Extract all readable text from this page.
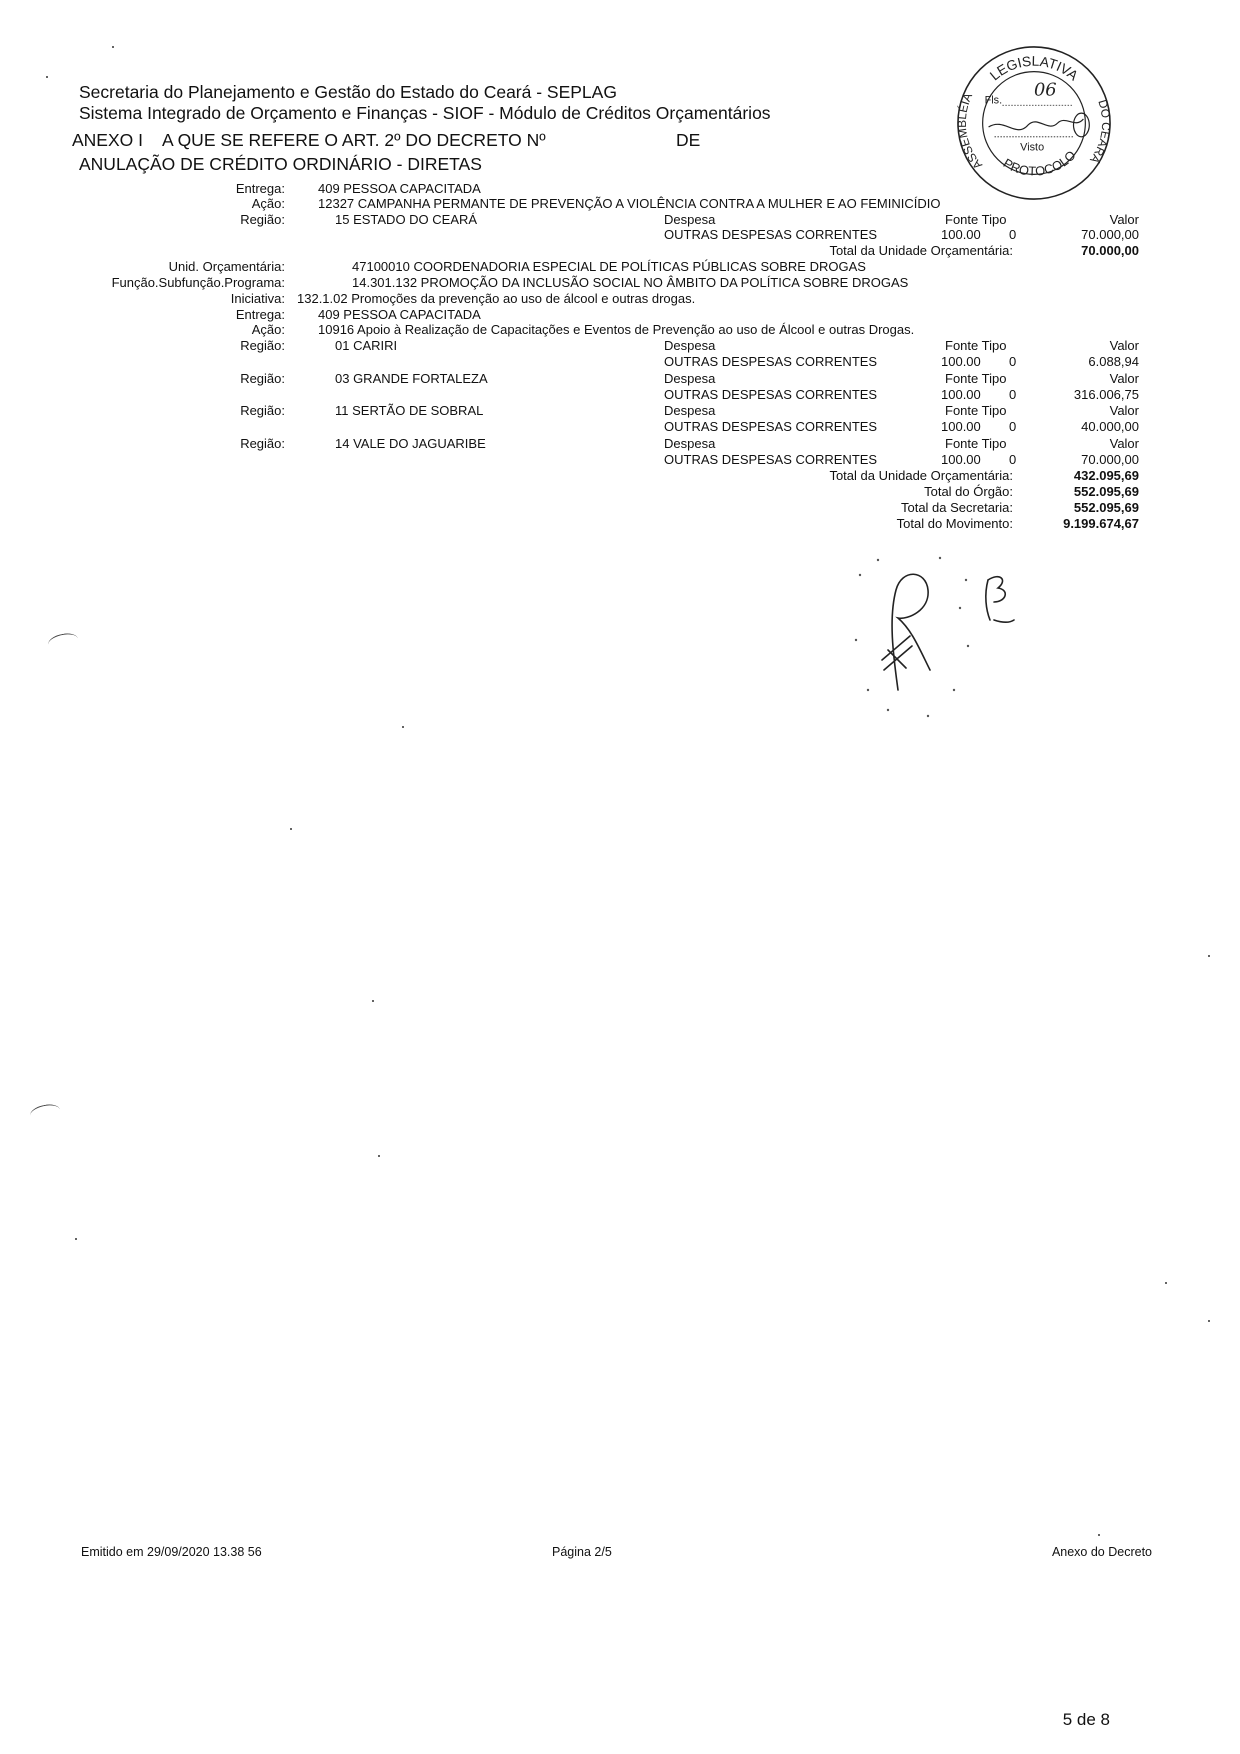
Secretaria do Planejamento e Gestão do Estado do Ceará - SEPLAG
Sistema Integrado de Orçamento e Finanças - SIOF - Módulo de Créditos Orçamentários
ANEXO I A QUE SE REFERE O ART. 2º DO DECRETO Nº	DE
ANULAÇÃO DE CRÉDITO ORDINÁRIO - DIRETAS
LEGISLATIVA
PROTOCOLO
ASSEMBLÉIA
DO CEARÁ
Fls. 06
Visto
Entrega:	409 PESSOA CAPACITADA
Ação:	12327 CAMPANHA PERMANTE DE PREVENÇÃO A VIOLÊNCIA CONTRA A MULHER E AO FEMINICÍDIO
Região:	15 ESTADO DO CEARÁ	Despesa	Fonte Tipo	Valor
OUTRAS DESPESAS CORRENTES	100.00 0	70.000,00
Total da Unidade Orçamentária:	70.000,00
Unid. Orçamentária:	47100010 COORDENADORIA ESPECIAL DE POLÍTICAS PÚBLICAS SOBRE DROGAS
Função.Subfunção.Programa:	14.301.132 PROMOÇÃO DA INCLUSÃO SOCIAL NO ÂMBITO DA POLÍTICA SOBRE DROGAS
Iniciativa: 132.1.02 Promoções da prevenção ao uso de álcool e outras drogas.
Entrega:	409 PESSOA CAPACITADA
Ação:	10916 Apoio à Realização de Capacitações e Eventos de Prevenção ao uso de Álcool e outras Drogas.
Região:	01 CARIRI	Despesa	Fonte Tipo	Valor
OUTRAS DESPESAS CORRENTES	100.00 0	6.088,94
Região:	03 GRANDE FORTALEZA	Despesa	Fonte Tipo	Valor
OUTRAS DESPESAS CORRENTES	100.00 0	316.006,75
Região:	11 SERTÃO DE SOBRAL	Despesa	Fonte Tipo	Valor
OUTRAS DESPESAS CORRENTES	100.00 0	40.000,00
Região:	14 VALE DO JAGUARIBE	Despesa	Fonte Tipo	Valor
OUTRAS DESPESAS CORRENTES	100.00 0	70.000,00
Total da Unidade Orçamentária:	432.095,69
Total do Órgão:	552.095,69
Total da Secretaria:	552.095,69
Total do Movimento:	9.199.674,67
Emitido em 29/09/2020 13.38 56	Página 2/5	Anexo do Decreto
5 de 8
